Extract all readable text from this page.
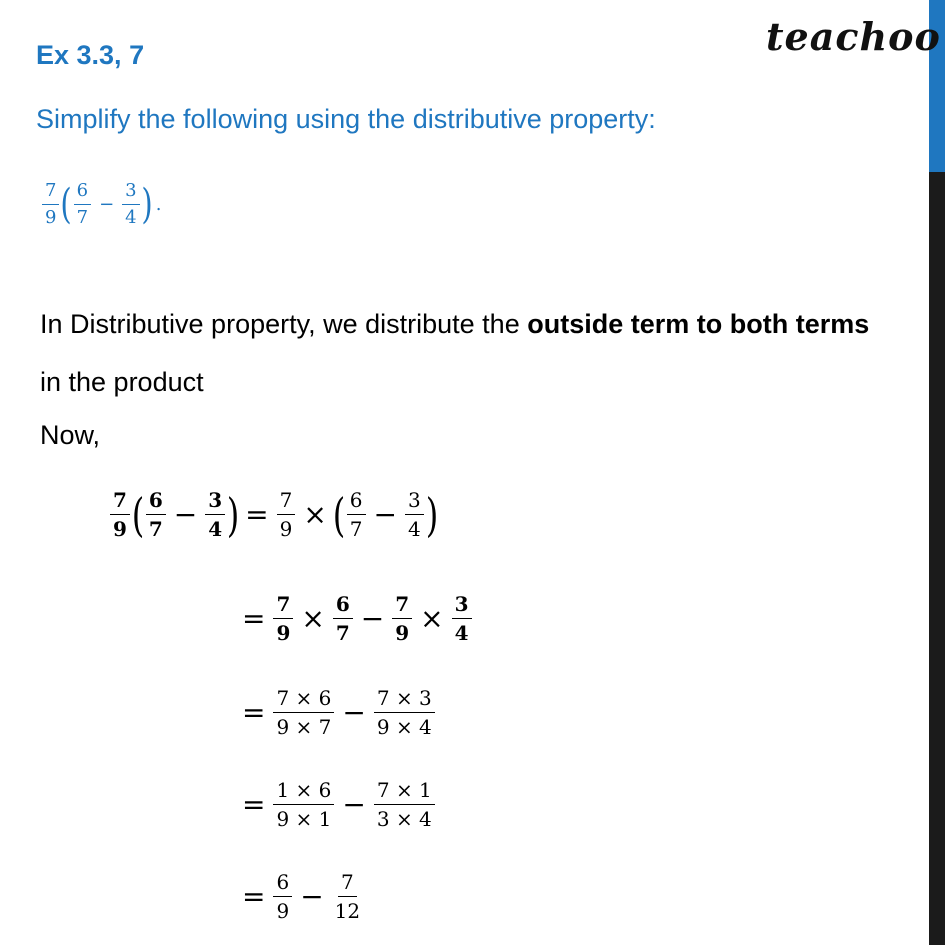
Ex 3.3, 7	teachoo

Simplify the following using the distributive property:

$\frac{7}{9}$ ( $\frac{6}{7} - \frac{3}{4}$ ) .

In Distributive property, we distribute the outside term to both terms in the product

Now,

$\frac{7}{9}$ ( $\frac{6}{7} - \frac{3}{4}$ ) = $\frac{7}{9}$ × ( $\frac{6}{7} - \frac{3}{4}$ )
= $\frac{7}{9} \times \frac{6}{7} - \frac{7}{9} \times \frac{3}{4}$
= $\frac{7 \times 6}{9 \times 7} - \frac{7 \times 3}{9 \times 4}$
= $\frac{1 \times 6}{9 \times 1} - \frac{7 \times 1}{3 \times 4}$
= $\frac{6}{9} - \frac{7}{12}$
